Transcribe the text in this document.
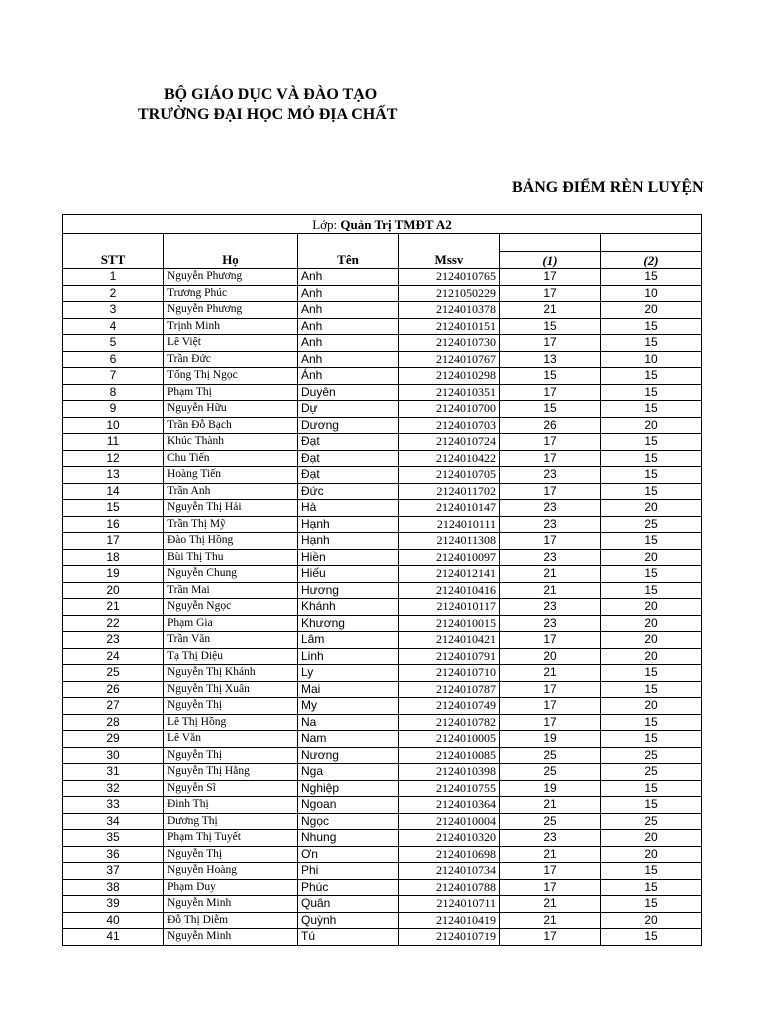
BỘ GIÁO DỤC VÀ ĐÀO TẠO
TRƯỜNG ĐẠI HỌC MỎ ĐỊA CHẤT
BẢNG ĐIỂM RÈN LUYỆN
Lớp: Quản Trị TMĐT A2					

STT	Họ	Tên	Mssv	(1)	(2)
1	Nguyễn Phương	Anh	2124010765	17	15
2	Trương Phúc	Anh	2121050229	17	10
3	Nguyễn Phương	Anh	2124010378	21	20
4	Trịnh Minh	Anh	2124010151	15	15
5	Lê Việt	Anh	2124010730	17	15
6	Trần Đức	Anh	2124010767	13	10
7	Tống Thị Ngọc	Ánh	2124010298	15	15
8	Phạm Thị	Duyên	2124010351	17	15
9	Nguyễn Hữu	Dự	2124010700	15	15
10	Trần Đỗ Bạch	Dương	2124010703	26	20
11	Khúc Thành	Đạt	2124010724	17	15
12	Chu Tiến	Đạt	2124010422	17	15
13	Hoàng Tiến	Đạt	2124010705	23	15
14	Trần Anh	Đức	2124011702	17	15
15	Nguyễn Thị Hải	Hà	2124010147	23	20
16	Trần Thị Mỹ	Hạnh	2124010111	23	25
17	Đào Thị Hồng	Hạnh	2124011308	17	15
18	Bùi Thị Thu	Hiền	2124010097	23	20
19	Nguyễn Chung	Hiếu	2124012141	21	15
20	Trần Mai	Hương	2124010416	21	15
21	Nguyễn Ngọc	Khánh	2124010117	23	20
22	Phạm Gia	Khương	2124010015	23	20
23	Trần Văn	Lâm	2124010421	17	20
24	Tạ Thị Diệu	Linh	2124010791	20	20
25	Nguyễn Thị Khánh	Ly	2124010710	21	15
26	Nguyễn Thị Xuân	Mai	2124010787	17	15
27	Nguyễn Thị	My	2124010749	17	20
28	Lê Thị Hồng	Na	2124010782	17	15
29	Lê Văn	Nam	2124010005	19	15
30	Nguyễn Thị	Nương	2124010085	25	25
31	Nguyễn Thị Hằng	Nga	2124010398	25	25
32	Nguyễn Sĩ	Nghiệp	2124010755	19	15
33	Đinh Thị	Ngoan	2124010364	21	15
34	Dương Thị	Ngọc	2124010004	25	25
35	Phạm Thị Tuyết	Nhung	2124010320	23	20
36	Nguyễn Thị	Ơn	2124010698	21	20
37	Nguyễn Hoàng	Phi	2124010734	17	15
38	Phạm Duy	Phúc	2124010788	17	15
39	Nguyễn Minh	Quân	2124010711	21	15
40	Đỗ Thị Diễm	Quỳnh	2124010419	21	20
41	Nguyễn Minh	Tú	2124010719	17	15
